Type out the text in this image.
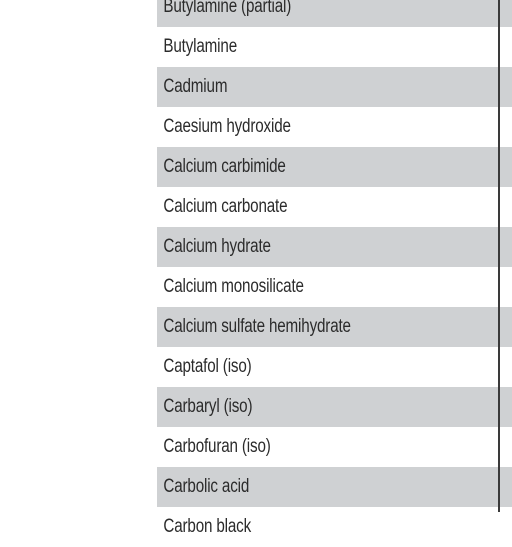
Butylamine (partial)
Butylamine
Cadmium
Caesium hydroxide
Calcium carbimide
Calcium carbonate
Calcium hydrate
Calcium monosilicate
Calcium sulfate hemihydrate
Captafol (iso)
Carbaryl (iso)
Carbofuran (iso)
Carbolic acid
Carbon black
